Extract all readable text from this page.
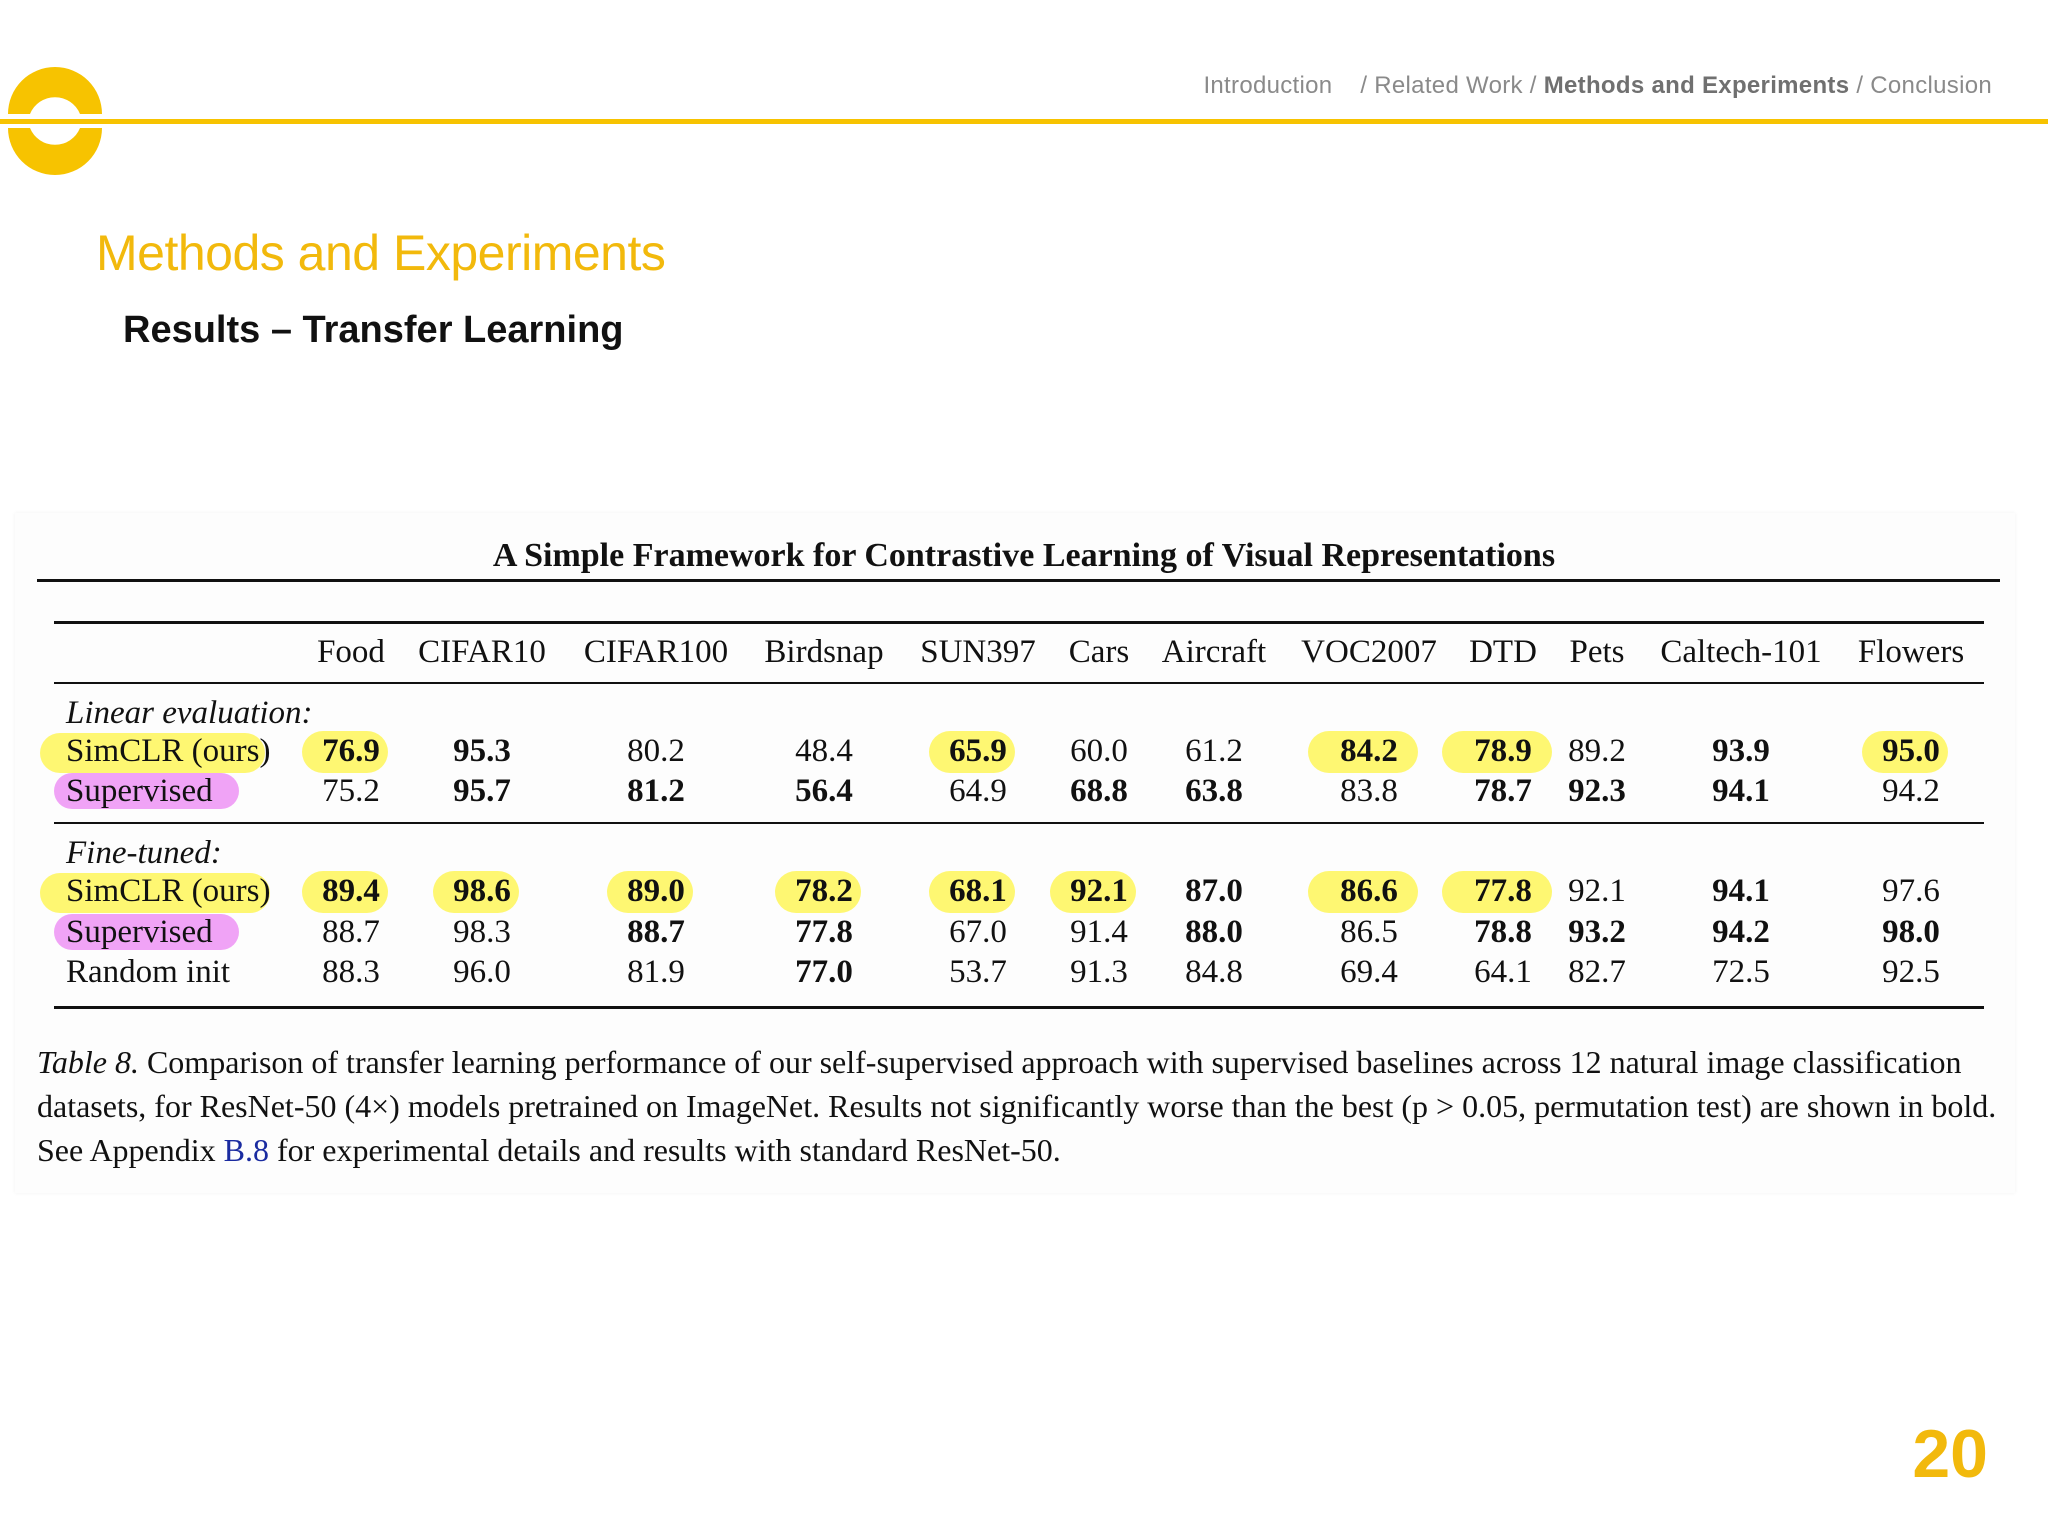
Introduction    / Related Work / Methods and Experiments / Conclusion
Methods and Experiments
Results – Transfer Learning
A Simple Framework for Contrastive Learning of Visual Representations
Food	CIFAR10	CIFAR100	Birdsnap	SUN397 Cars Aircraft	VOC2007 DTD Pets	Caltech-101	Flowers
Linear evaluation:
SimCLR (ours)	76.9	95.3	80.2	48.4	65.9	60.0	61.2	84.2	78.9	89.2	93.9	95.0
Supervised	75.2	95.7	81.2	56.4	64.9	68.8	63.8	83.8	78.7	92.3	94.1	94.2
Fine-tuned:
SimCLR (ours)	89.4	98.6	89.0	78.2	68.1	92.1	87.0	86.6	77.8	92.1	94.1	97.6
Supervised	88.7	98.3	88.7	77.8	67.0	91.4	88.0	86.5	78.8	93.2	94.2	98.0
Random init	88.3	96.0	81.9	77.0	53.7	91.3	84.8	69.4	64.1	82.7	72.5	92.5
Table 8. Comparison of transfer learning performance of our self-supervised approach with supervised baselines across 12 natural image classification datasets, for ResNet-50 (4×) models pretrained on ImageNet. Results not significantly worse than the best (p > 0.05, permutation test) are shown in bold. See Appendix B.8 for experimental details and results with standard ResNet-50.
20
